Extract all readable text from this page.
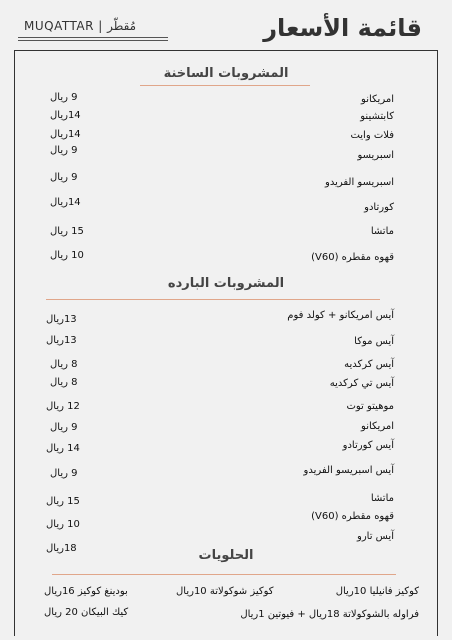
قائمة الأسعار
MUQATTAR | مُقطّر
المشروبات الساخنة
امريكانو
9 ريال
كابتشينو
14ريال
فلات وايت
14ريال
اسبريسو
9 ريال
اسبريسو الفريدو
9 ريال
كورتادو
14ريال
ماتشا
15 ريال
قهوه مقطره (V60)
10 ريال
المشروبات البارده
آيس امريكانو + كولد فوم
13ريال
آيس موكا
13ريال
آيس كركديه
8 ريال
آيس تي كركديه
8 ريال
موهيتو توت
12 ريال
امريكانو
9 ريال
آيس كورتادو
14 ريال
آيس اسبريسو الفريدو
9 ريال
ماتشا
15 ريال
قهوه مقطره (V60)
10 ريال
آيس تارو
18ريال	الحلويات
كوكيز فانيليا 10ريال
كوكيز شوكولاتة 10ريال
بودينغ كوكيز 16ريال
فراوله بالشوكولاتة 18ريال + فيوتين 1ريال
كيك البيكان 20 ريال
